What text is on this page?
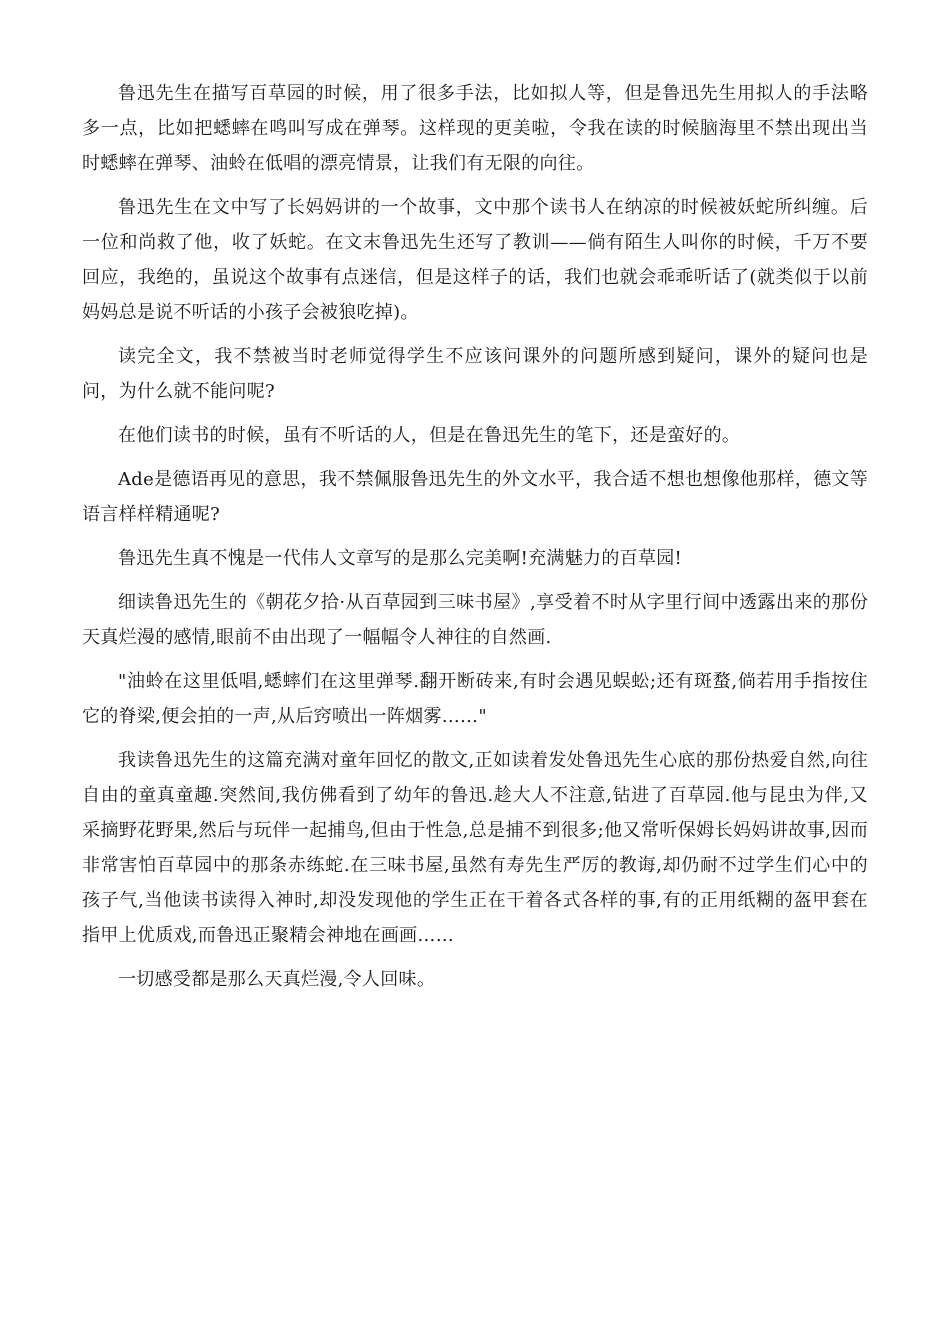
鲁迅先生在描写百草园的时候，用了很多手法，比如拟人等，但是鲁迅先生用拟人的手法略多一点，比如把蟋蟀在鸣叫写成在弹琴。这样现的更美啦，令我在读的时候脑海里不禁出现出当时蟋蟀在弹琴、油蛉在低唱的漂亮情景，让我们有无限的向往。

鲁迅先生在文中写了长妈妈讲的一个故事，文中那个读书人在纳凉的时候被妖蛇所纠缠。后一位和尚救了他，收了妖蛇。在文末鲁迅先生还写了教训——倘有陌生人叫你的时候，千万不要回应，我绝的，虽说这个故事有点迷信，但是这样子的话，我们也就会乖乖听话了(就类似于以前妈妈总是说不听话的小孩子会被狼吃掉)。

读完全文，我不禁被当时老师觉得学生不应该问课外的问题所感到疑问，课外的疑问也是问，为什么就不能问呢?

在他们读书的时候，虽有不听话的人，但是在鲁迅先生的笔下，还是蛮好的。

Ade是德语再见的意思，我不禁佩服鲁迅先生的外文水平，我合适不想也想像他那样，德文等语言样样精通呢?

鲁迅先生真不愧是一代伟人文章写的是那么完美啊!充满魅力的百草园!

细读鲁迅先生的《朝花夕拾·从百草园到三味书屋》,享受着不时从字里行间中透露出来的那份天真烂漫的感情,眼前不由出现了一幅幅令人神往的自然画.

"油蛉在这里低唱,蟋蟀们在这里弹琴.翻开断砖来,有时会遇见蜈蚣;还有斑蝥,倘若用手指按住它的脊梁,便会拍的一声,从后窍喷出一阵烟雾……"

我读鲁迅先生的这篇充满对童年回忆的散文,正如读着发处鲁迅先生心底的那份热爱自然,向往自由的童真童趣.突然间,我仿佛看到了幼年的鲁迅.趁大人不注意,钻进了百草园.他与昆虫为伴,又采摘野花野果,然后与玩伴一起捕鸟,但由于性急,总是捕不到很多;他又常听保姆长妈妈讲故事,因而非常害怕百草园中的那条赤练蛇.在三味书屋,虽然有寿先生严厉的教诲,却仍耐不过学生们心中的孩子气,当他读书读得入神时,却没发现他的学生正在干着各式各样的事,有的正用纸糊的盔甲套在指甲上优质戏,而鲁迅正聚精会神地在画画……

一切感受都是那么天真烂漫,令人回味。
